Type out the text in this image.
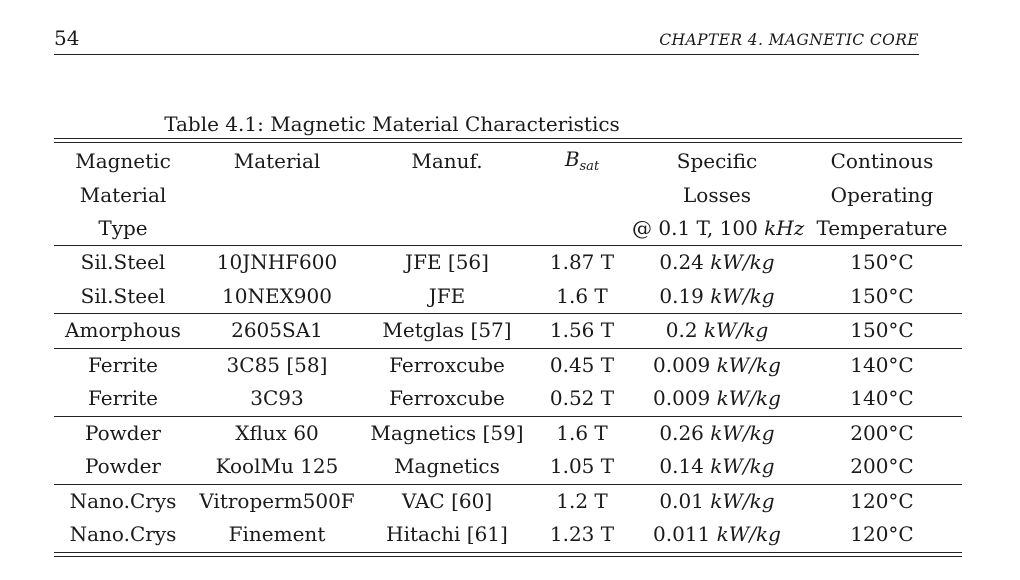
54	CHAPTER 4. MAGNETIC CORE
Table 4.1: Magnetic Material Characteristics
Magnetic	Material	Manuf.	$B_{sat}$	Specific	Continous
Material				Losses	Operating
Type				@ 0.1 T, 100 kHz	Temperature
Sil.Steel	10JNHF600	JFE [56]	1.87 T	0.24 kW/kg	150°C
Sil.Steel	10NEX900	JFE	1.6 T	0.19 kW/kg	150°C
Amorphous	2605SA1	Metglas [57]	1.56 T	0.2 kW/kg	150°C
Ferrite	3C85 [58]	Ferroxcube	0.45 T	0.009 kW/kg	140°C
Ferrite	3C93	Ferroxcube	0.52 T	0.009 kW/kg	140°C
Powder	Xflux 60	Magnetics [59]	1.6 T	0.26 kW/kg	200°C
Powder	KoolMu 125	Magnetics	1.05 T	0.14 kW/kg	200°C
Nano.Crys	Vitroperm500F	VAC [60]	1.2 T	0.01 kW/kg	120°C
Nano.Crys	Finement	Hitachi [61]	1.23 T	0.011 kW/kg	120°C
